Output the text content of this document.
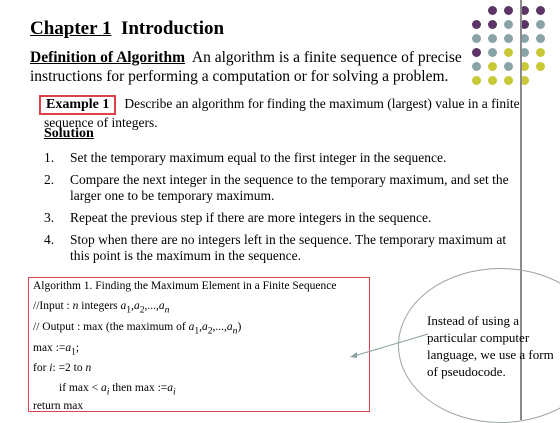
Chapter 1 Introduction
Definition of Algorithm An algorithm is a finite sequence of precise instructions for performing a computation or for solving a problem.
Example 1 Describe an algorithm for finding the maximum (largest) value in a finite sequence of integers.
Solution
1.	Set the temporary maximum equal to the first integer in the sequence.
2.	Compare the next integer in the sequence to the temporary maximum, and set the larger one to be temporary maximum.
3.	Repeat the previous step if there are more integers in the sequence.
4.	Stop when there are no integers left in the sequence. The temporary maximum at this point is the maximum in the sequence.
Algorithm 1. Finding the Maximum Element in a Finite Sequence
//Input : n integers $a_1,a_2,...,a_n$
// Output : max (the maximum of $a_1,a_2,...,a_n$)
$\max :=a_1$;
for i: =2 to n
if $\max < a_i$ then $\max :=a_i$
return max
Instead of using a
particular computer
language, we use a form
of pseudocode.
